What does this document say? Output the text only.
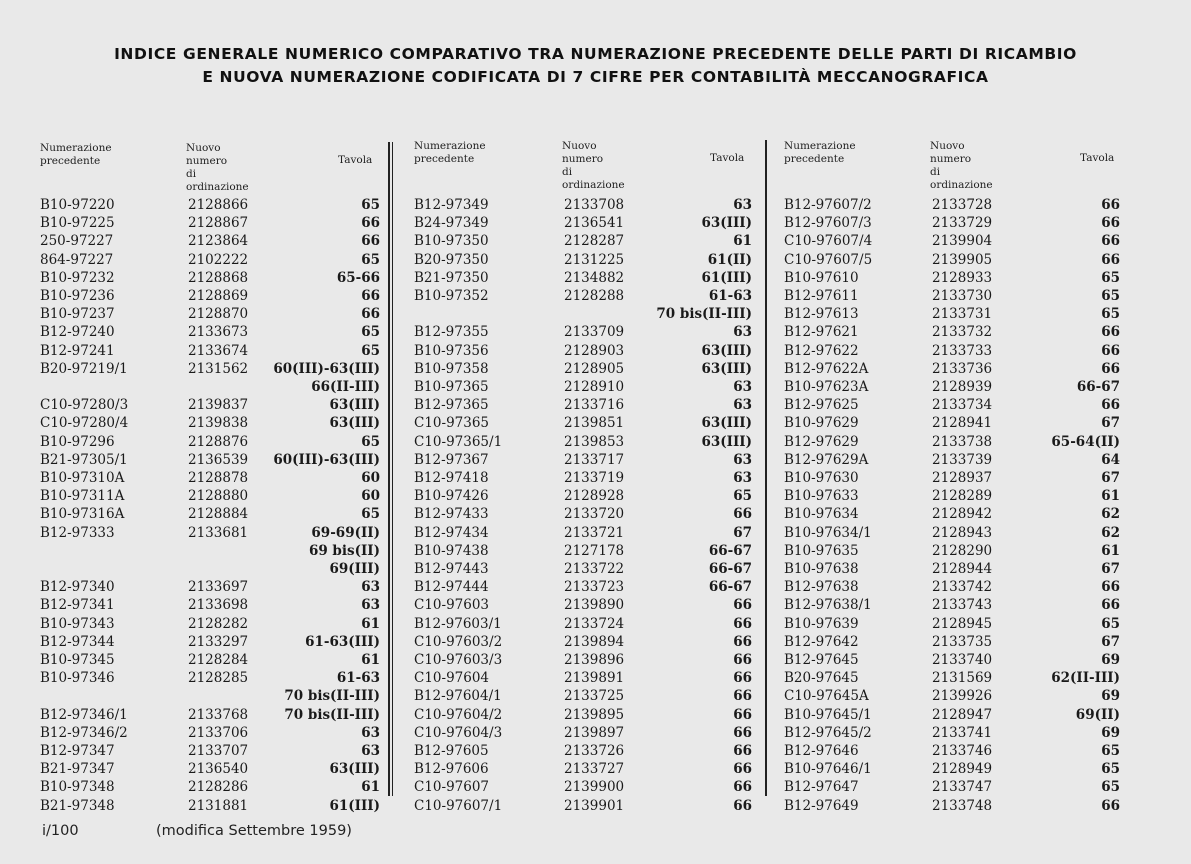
INDICE GENERALE NUMERICO COMPARATIVO TRA NUMERAZIONE PRECEDENTE DELLE PARTI DI RICAMBIO
E NUOVA NUMERAZIONE CODIFICATA DI 7 CIFRE PER CONTABILITÀ MECCANOGRAFICA
Numerazione
precedente
Nuovo numero
di ordinazione
Tavola
B10-97220	2128866	65
B10-97225	2128867	66
250-97227	2123864	66
864-97227	2102222	65
B10-97232	2128868	65-66
B10-97236	2128869	66
B10-97237	2128870	66
B12-97240	2133673	65
B12-97241	2133674	65
B20-97219/1	2131562 60(III)-63(III)
66(II-III)
C10-97280/3	2139837	63(III)
C10-97280/4	2139838	63(III)
B10-97296	2128876	65
B21-97305/1	2136539 60(III)-63(III)
B10-97310A	2128878	60
B10-97311A	2128880	60
B10-97316A	2128884	65
B12-97333	2133681	69-69(II)
69 bis(II)
69(III)
B12-97340	2133697	63
B12-97341	2133698	63
B10-97343	2128282	61
B12-97344	2133297	61-63(III)
B10-97345	2128284	61
B10-97346	2128285	61-63
70 bis(II-III)
B12-97346/1	2133768	70 bis(II-III)
B12-97346/2	2133706	63
B12-97347	2133707	63
B21-97347	2136540	63(III)
B10-97348	2128286	61
B21-97348	2131881	61(III)
Numerazione
precedente
Nuovo numero
di ordinazione
Tavola
B12-97349	2133708	63
B24-97349	2136541	63(III)
B10-97350	2128287	61
B20-97350	2131225	61(II)
B21-97350	2134882	61(III)
B10-97352	2128288	61-63
70 bis(II-III)
B12-97355	2133709	63
B10-97356	2128903	63(III)
B10-97358	2128905	63(III)
B10-97365	2128910	63
B12-97365	2133716	63
C10-97365	2139851	63(III)
C10-97365/1	2139853	63(III)
B12-97367	2133717	63
B12-97418	2133719	63
B10-97426	2128928	65
B12-97433	2133720	66
B12-97434	2133721	67
B10-97438	2127178	66-67
B12-97443	2133722	66-67
B12-97444	2133723	66-67
C10-97603	2139890	66
B12-97603/1	2133724	66
C10-97603/2	2139894	66
C10-97603/3	2139896	66
C10-97604	2139891	66
B12-97604/1	2133725	66
C10-97604/2	2139895	66
C10-97604/3	2139897	66
B12-97605	2133726	66
B12-97606	2133727	66
C10-97607	2139900	66
C10-97607/1	2139901	66
Numerazione
precedente
Nuovo numero
di ordinazione
Tavola
B12-97607/2	2133728	66
B12-97607/3	2133729	66
C10-97607/4	2139904	66
C10-97607/5	2139905	66
B10-97610	2128933	65
B12-97611	2133730	65
B12-97613	2133731	65
B12-97621	2133732	66
B12-97622	2133733	66
B12-97622A	2133736	66
B10-97623A	2128939	66-67
B12-97625	2133734	66
B10-97629	2128941	67
B12-97629	2133738	65-64(II)
B12-97629A	2133739	64
B10-97630	2128937	67
B10-97633	2128289	61
B10-97634	2128942	62
B10-97634/1	2128943	62
B10-97635	2128290	61
B10-97638	2128944	67
B12-97638	2133742	66
B12-97638/1	2133743	66
B10-97639	2128945	65
B12-97642	2133735	67
B12-97645	2133740	69
B20-97645	2131569	62(II-III)
C10-97645A	2139926	69
B10-97645/1	2128947	69(II)
B12-97645/2	2133741	69
B12-97646	2133746	65
B10-97646/1	2128949	65
B12-97647	2133747	65
B12-97649	2133748	66
i/100	(modifica Settembre 1959)
